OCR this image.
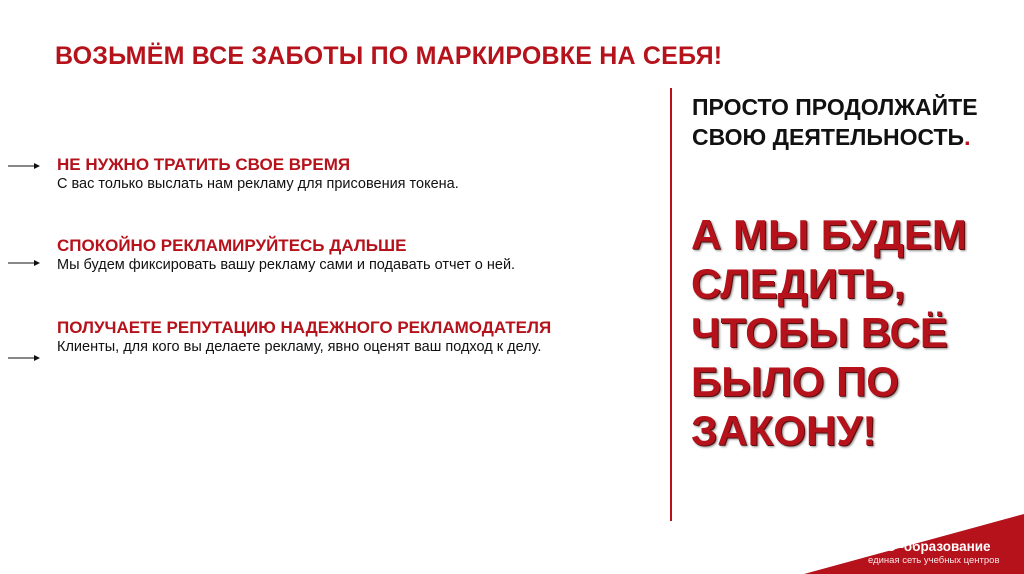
ВОЗЬМЁМ ВСЕ ЗАБОТЫ ПО МАРКИРОВКЕ НА СЕБЯ!
НЕ НУЖНО ТРАТИТЬ СВОЕ ВРЕМЯ
С вас только выслать нам рекламу для присовения токена.
СПОКОЙНО РЕКЛАМИРУЙТЕСЬ ДАЛЬШЕ
Мы будем фиксировать вашу рекламу сами и подавать отчет о ней.
ПОЛУЧАЕТЕ РЕПУТАЦИЮ НАДЕЖНОГО РЕКЛАМОДАТЕЛЯ
Клиенты, для кого вы делаете рекламу, явно оценят ваш подход к делу.
ПРОСТО ПРОДОЛЖАЙТЕ СВОЮ ДЕЯТЕЛЬНОСТЬ.
А МЫ БУДЕМ СЛЕДИТЬ, ЧТОБЫ ВСЁ БЫЛО ПО ЗАКОНУ!
ЧОУ ДПО
ЭКО–образование
единая сеть учебных центров
